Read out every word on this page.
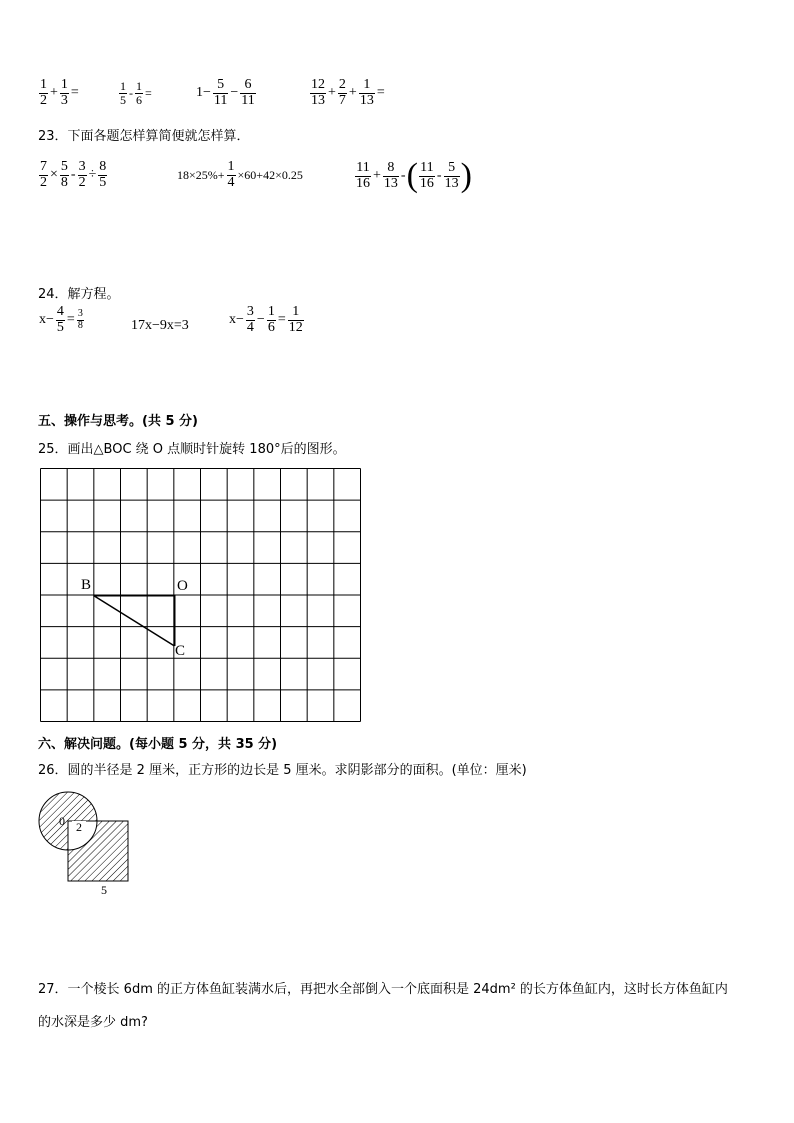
$\frac{1}{2} + \frac{1}{3}$ =	$\frac{1}{5} - \frac{1}{6}$ =	$1- \frac{5}{11} - \frac{6}{11}$	$\frac{12}{13} + \frac{2}{7} + \frac{1}{13}$ =
23．下面各题怎样算简便就怎样算．
$\frac{7}{2} \times \frac{5}{8} - \frac{3}{2} \div \frac{8}{5}$	$18\times 25\%+ \frac{1}{4} \times 60+42\times 0.25$	$\frac{11}{16} + \frac{8}{13}$ -( $\frac{11}{16} - \frac{5}{13}$ )
24．解方程。
$x- \frac{4}{5} = \frac{3}{8}$	17x−9x=3	$x- \frac{3}{4} - \frac{1}{6} = \frac{1}{12}$
五、操作与思考。(共 5 分)
25．画出△BOC 绕 O 点顺时针旋转 180°后的图形。
B	O
C
六、解决问题。(每小题 5 分，共 35 分)
26．圆的半径是 2 厘米，正方形的边长是 5 厘米。求阴影部分的面积。(单位：厘米)
0 2
5
27．一个棱长 6dm 的正方体鱼缸装满水后，再把水全部倒入一个底面积是 24dm² 的长方体鱼缸内，这时长方体鱼缸内
的水深是多少 dm?
